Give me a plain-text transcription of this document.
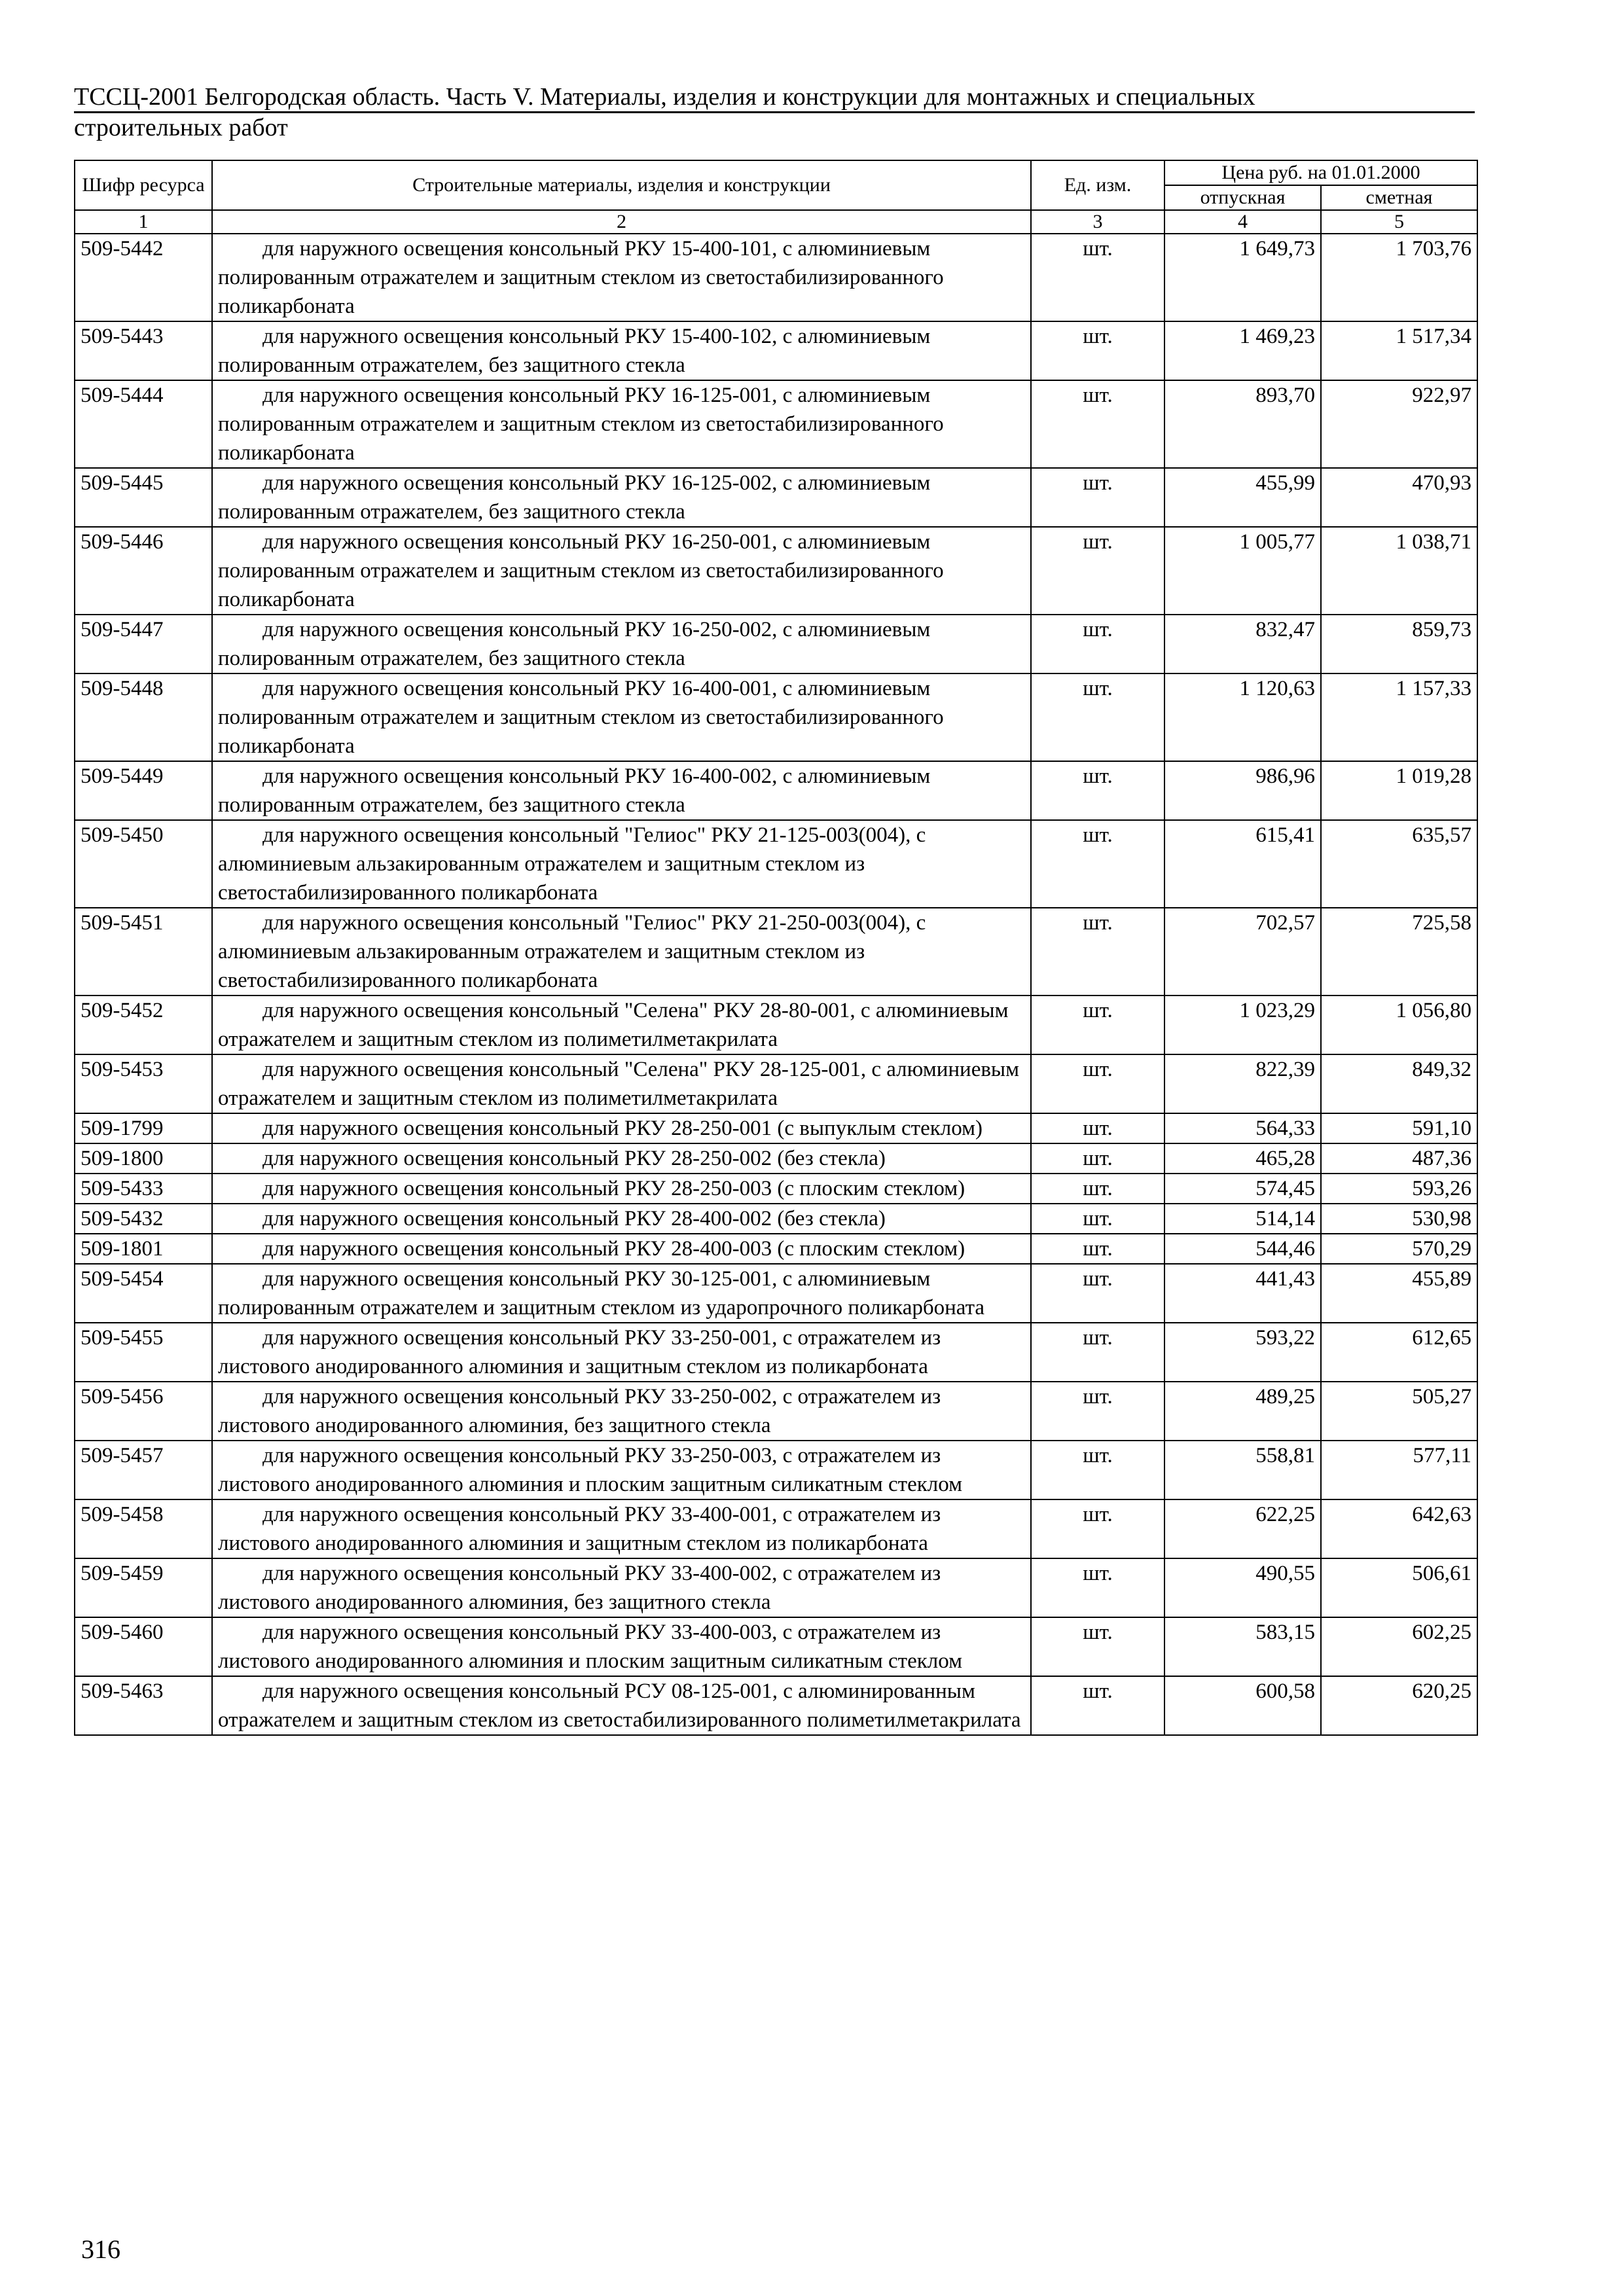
ТССЦ-2001 Белгородская область. Часть V. Материалы, изделия и конструкции для монтажных и специальных
строительных работ
Шифр ресурса	Строительные материалы, изделия и конструкции	Ед. изм.	Цена руб. на 01.01.2000	
			отпускная	сметная
1	2	3	4	5
509-5442	для наружного освещения консольный РКУ 15-400-101, с алюминиевым полированным отражателем и защитным стеклом из светостабилизированного поликарбоната	шт.	1 649,73	1 703,76
509-5443	для наружного освещения консольный РКУ 15-400-102, с алюминиевым полированным отражателем, без защитного стекла	шт.	1 469,23	1 517,34
509-5444	для наружного освещения консольный РКУ 16-125-001, с алюминиевым полированным отражателем и защитным стеклом из светостабилизированного поликарбоната	шт.	893,70	922,97
509-5445	для наружного освещения консольный РКУ 16-125-002, с алюминиевым полированным отражателем, без защитного стекла	шт.	455,99	470,93
509-5446	для наружного освещения консольный РКУ 16-250-001, с алюминиевым полированным отражателем и защитным стеклом из светостабилизированного поликарбоната	шт.	1 005,77	1 038,71
509-5447	для наружного освещения консольный РКУ 16-250-002, с алюминиевым полированным отражателем, без защитного стекла	шт.	832,47	859,73
509-5448	для наружного освещения консольный РКУ 16-400-001, с алюминиевым полированным отражателем и защитным стеклом из светостабилизированного поликарбоната	шт.	1 120,63	1 157,33
509-5449	для наружного освещения консольный РКУ 16-400-002, с алюминиевым полированным отражателем, без защитного стекла	шт.	986,96	1 019,28
509-5450	для наружного освещения консольный "Гелиос" РКУ 21-125-003(004), с алюминиевым альзакированным отражателем и защитным стеклом из светостабилизированного поликарбоната	шт.	615,41	635,57
509-5451	для наружного освещения консольный "Гелиос" РКУ 21-250-003(004), с алюминиевым альзакированным отражателем и защитным стеклом из светостабилизированного поликарбоната	шт.	702,57	725,58
509-5452	для наружного освещения консольный "Селена" РКУ 28-80-001, с алюминиевым отражателем и защитным стеклом из полиметилметакрилата	шт.	1 023,29	1 056,80
509-5453	для наружного освещения консольный "Селена" РКУ 28-125-001, с алюминиевым отражателем и защитным стеклом из полиметилметакрилата	шт.	822,39	849,32
509-1799	для наружного освещения консольный РКУ 28-250-001 (с выпуклым стеклом)	шт.	564,33	591,10
509-1800	для наружного освещения консольный РКУ 28-250-002 (без стекла)	шт.	465,28	487,36
509-5433	для наружного освещения консольный РКУ 28-250-003 (с плоским стеклом)	шт.	574,45	593,26
509-5432	для наружного освещения консольный РКУ 28-400-002 (без стекла)	шт.	514,14	530,98
509-1801	для наружного освещения консольный РКУ 28-400-003 (с плоским стеклом)	шт.	544,46	570,29
509-5454	для наружного освещения консольный РКУ 30-125-001, с алюминиевым полированным отражателем и защитным стеклом из ударопрочного поликарбоната	шт.	441,43	455,89
509-5455	для наружного освещения консольный РКУ 33-250-001, с отражателем из листового анодированного алюминия и защитным стеклом из поликарбоната	шт.	593,22	612,65
509-5456	для наружного освещения консольный РКУ 33-250-002, с отражателем из листового анодированного алюминия, без защитного стекла	шт.	489,25	505,27
509-5457	для наружного освещения консольный РКУ 33-250-003, с отражателем из листового анодированного алюминия и плоским защитным силикатным стеклом	шт.	558,81	577,11
509-5458	для наружного освещения консольный РКУ 33-400-001, с отражателем из листового анодированного алюминия и защитным стеклом из поликарбоната	шт.	622,25	642,63
509-5459	для наружного освещения консольный РКУ 33-400-002, с отражателем из листового анодированного алюминия, без защитного стекла	шт.	490,55	506,61
509-5460	для наружного освещения консольный РКУ 33-400-003, с отражателем из листового анодированного алюминия и плоским защитным силикатным стеклом	шт.	583,15	602,25
509-5463	для наружного освещения консольный РСУ 08-125-001, с алюминированным отражателем и защитным стеклом из светостабилизированного полиметилметакрилата	шт.	600,58	620,25
316
